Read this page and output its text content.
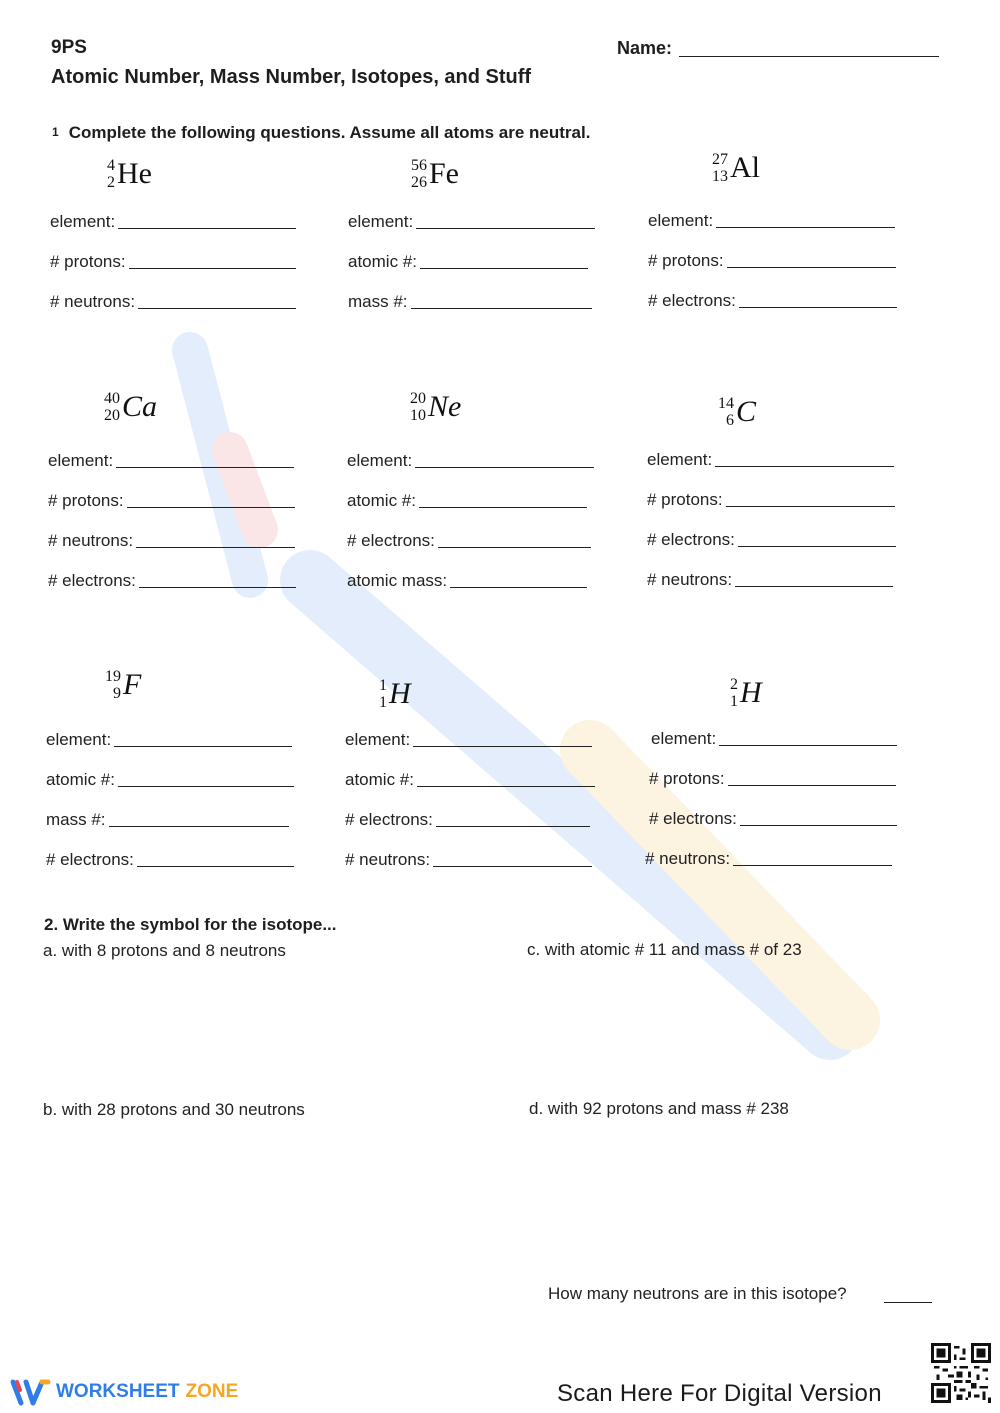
9PS	Name:
Atomic Number, Mass Number, Isotopes, and Stuff
1 Complete the following questions. Assume all atoms are neutral.
4
2 He
element:
# protons:
# neutrons:
56
26 Fe
element:
atomic #:
mass #:
27
13 Al
element:
# protons:
# electrons:
40
20 Ca
element:
# protons:
# neutrons:
# electrons:
20
10 Ne
element:
atomic #:
# electrons:
atomic mass:
14
6 C
element:
# protons:
# electrons:
# neutrons:
19
9 F
element:
atomic #:
mass #:
# electrons:
1
1 H
element:
atomic #:
# electrons:
# neutrons:
2
1 H
element:
# protons:
# electrons:
# neutrons:
2. Write the symbol for the isotope...
a. with 8 protons and 8 neutrons	c. with atomic # 11 and mass # of 23
b. with 28 protons and 30 neutrons	d. with 92 protons and mass # 238
How many neutrons are in this isotope?
WORKSHEET ZONE	Scan Here For Digital Version
